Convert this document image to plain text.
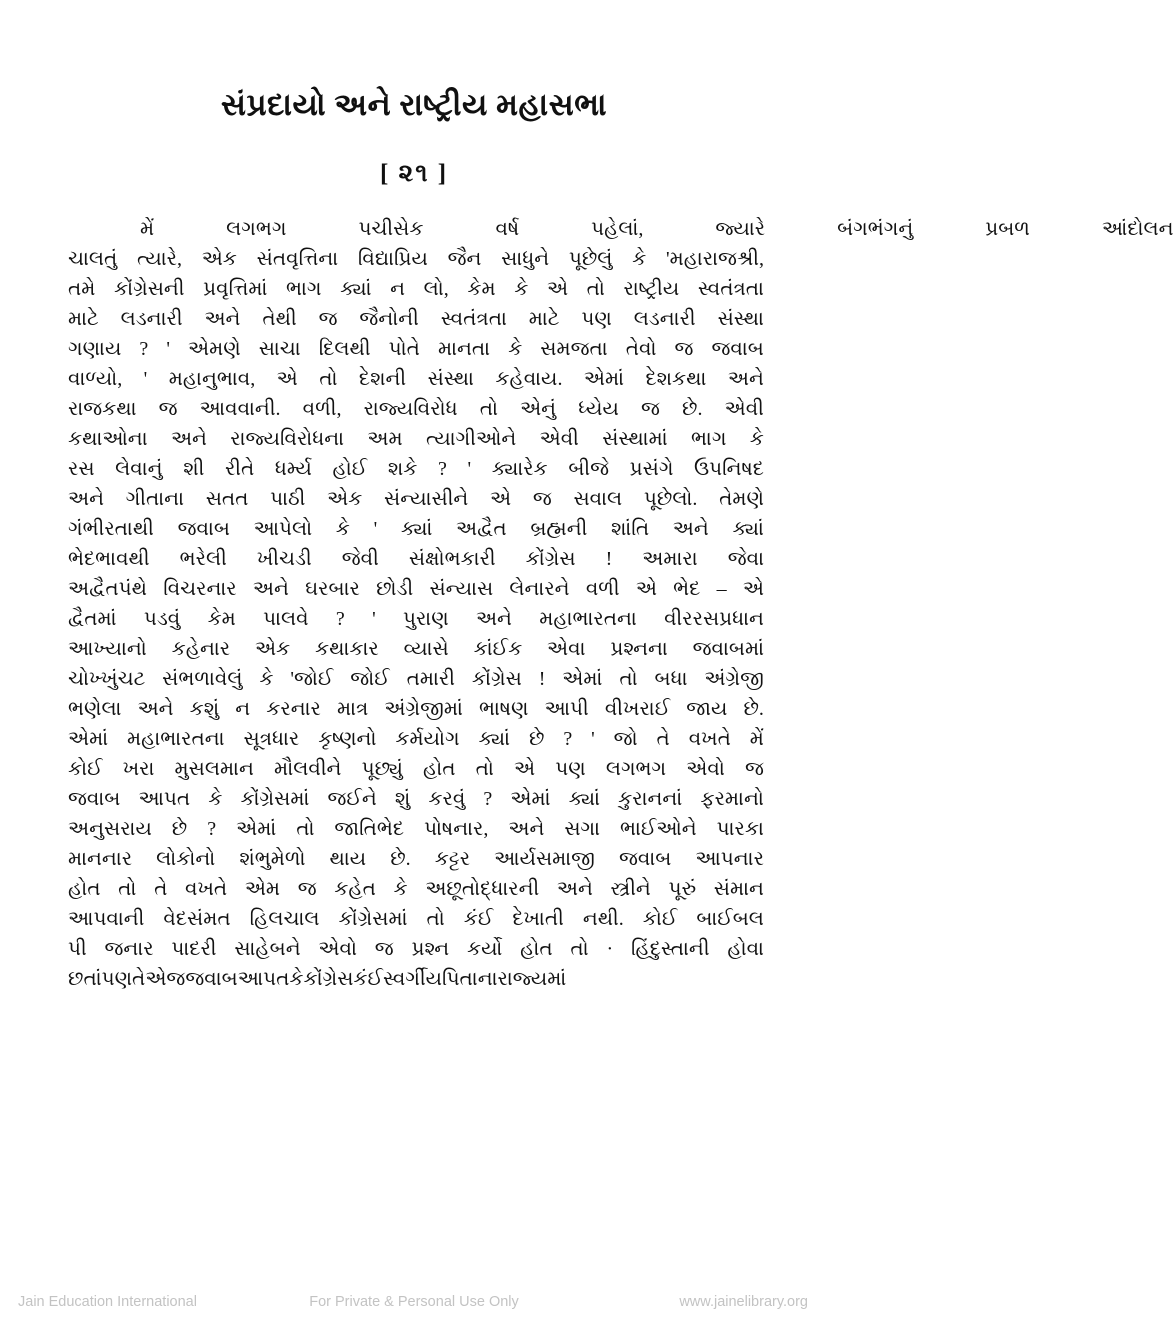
સંપ્રદાયો અને રાષ્ટ્રીય મહાસભા
[ ૨૧ ]
મેં	લગભગ	પચીસેક	વર્ષ	પહેલાં,	જ્યારે	બંગભંગનું	પ્રબળ	આંદોલન
ચાલતું ત્યારે, એક સંતવૃત્તિના વિદ્યાપ્રિય જૈન સાધુને પૂછેલું કે 'મહારાજશ્રી,
તમે કોંગ્રેસની પ્રવૃત્તિમાં ભાગ ક્યાં ન લો, કેમ કે એ તો રાષ્ટ્રીય સ્વતંત્રતા
માટે લડનારી અને તેથી જ જૈનોની સ્વતંત્રતા માટે પણ લડનારી સંસ્થા
ગણાય ? ' એમણે સાચા દિલથી પોતે માનતા કે સમજતા તેવો જ જવાબ
વાળ્યો, ' મહાનુભાવ, એ તો દેશની સંસ્થા કહેવાય. એમાં દેશકથા અને
રાજકથા જ આવવાની. વળી, રાજ્યવિરોધ તો એનું ધ્યેય જ છે. એવી
કથાઓના અને રાજ્યવિરોધના અમ ત્યાગીઓને એવી સંસ્થામાં ભાગ કે
રસ લેવાનું શી રીતે ધર્મ્ય હોઈ શકે ? ' ક્યારેક બીજે પ્રસંગે ઉપનિષદ
અને ગીતાના સતત પાઠી એક સંન્યાસીને એ જ સવાલ પૂછેલો. તેમણે
ગંભીરતાથી જવાબ આપેલો કે ' ક્યાં અદ્વૈત બ્રહ્મની શાંતિ અને ક્યાં
ભેદભાવથી ભરેલી ખીચડી જેવી સંક્ષોભકારી કોંગ્રેસ ! અમારા જેવા
અદ્વૈતપંથે વિચરનાર અને ઘરબાર છોડી સંન્યાસ લેનારને વળી એ ભેદ – એ
દ્વૈતમાં પડવું કેમ પાલવે ? ' પુરાણ અને મહાભારતના વીરરસપ્રધાન
આખ્યાનો કહેનાર એક કથાકાર વ્યાસે કાંઈક એવા પ્રશ્નના જવાબમાં
ચોખ્ખુંચટ સંભળાવેલું કે 'જોઈ જોઈ તમારી કોંગ્રેસ ! એમાં તો બધા અંગ્રેજી
ભણેલા અને કશું ન કરનાર માત્ર અંગ્રેજીમાં ભાષણ આપી વીખરાઈ જાય છે.
એમાં મહાભારતના સૂત્રધાર કૃષ્ણનો કર્મયોગ ક્યાં છે ? ' જો તે વખતે મેં
કોઈ ખરા મુસલમાન મૌલવીને પૂછ્યું હોત તો એ પણ લગભગ એવો જ
જવાબ આપત કે કોંગ્રેસમાં જઈને શું કરવું ? એમાં ક્યાં કુરાનનાં ફરમાનો
અનુસરાય છે ? એમાં તો જાતિભેદ પોષનાર, અને સગા ભાઈઓને પારકા
માનનાર લોકોનો શંભુમેળો થાય છે. કટ્ટર આર્યસમાજી જવાબ આપનાર
હોત તો તે વખતે એમ જ કહેત કે અછૂતોદ્ધારની અને સ્ત્રીને પૂરું સંમાન
આપવાની વેદસંમત હિલચાલ કોંગ્રેસમાં તો કંઈ દેખાતી નથી. કોઈ બાઈબલ
પી જનાર પાદરી સાહેબને એવો જ પ્રશ્ન કર્યો હોત તો · હિંદુસ્તાની હોવા
છતાં પણ તે એ જ જવાબ આપત કે કોંગ્રેસ કંઈ સ્વર્ગીય પિતાના રાજ્યમાં
Jain Education International	For Private & Personal Use Only	www.jainelibrary.org
